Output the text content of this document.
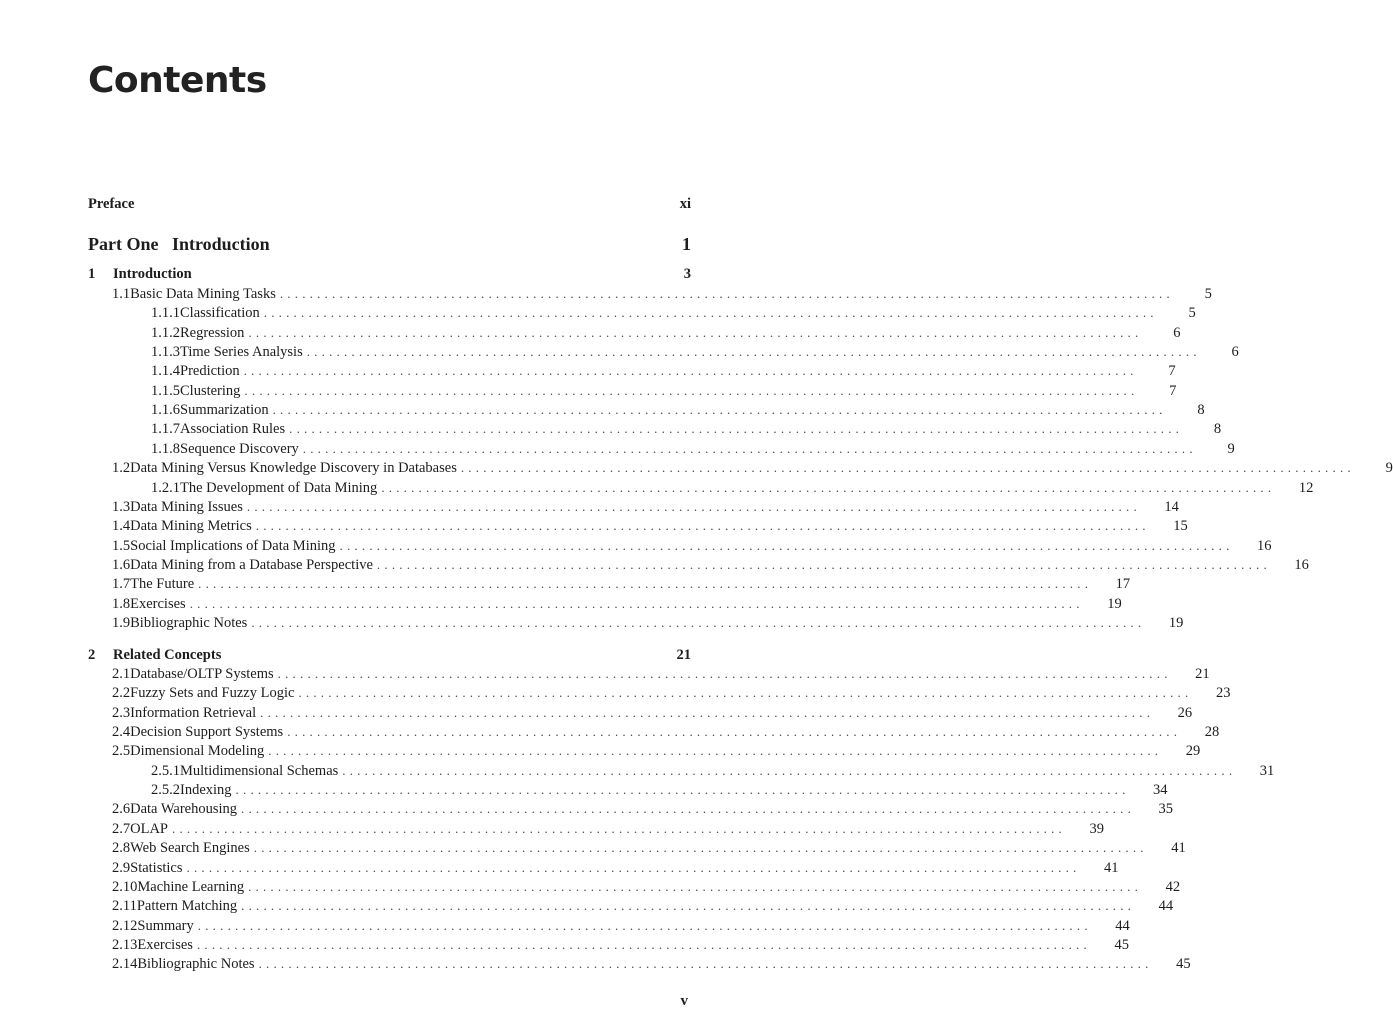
Contents
Preface	xi
Part One   Introduction	1
1	Introduction	3
1.1 Basic Data Mining Tasks ........................................................................................................................	5
1.1.1 Classification ........................................................................................................................	5
1.1.2 Regression ........................................................................................................................	6
1.1.3 Time Series Analysis ........................................................................................................................	6
1.1.4 Prediction ........................................................................................................................	7
1.1.5 Clustering ........................................................................................................................	7
1.1.6 Summarization ........................................................................................................................	8
1.1.7 Association Rules ........................................................................................................................	8
1.1.8 Sequence Discovery ........................................................................................................................	9
1.2 Data Mining Versus Knowledge Discovery in Databases ........................................................................................................................	9
1.2.1 The Development of Data Mining ........................................................................................................................	12
1.3 Data Mining Issues ........................................................................................................................	14
1.4 Data Mining Metrics ........................................................................................................................	15
1.5 Social Implications of Data Mining ........................................................................................................................	16
1.6 Data Mining from a Database Perspective ........................................................................................................................	16
1.7 The Future ........................................................................................................................	17
1.8 Exercises ........................................................................................................................	19
1.9 Bibliographic Notes ........................................................................................................................	19
2	Related Concepts	21
2.1 Database/OLTP Systems ........................................................................................................................	21
2.2 Fuzzy Sets and Fuzzy Logic ........................................................................................................................	23
2.3 Information Retrieval ........................................................................................................................	26
2.4 Decision Support Systems ........................................................................................................................	28
2.5 Dimensional Modeling ........................................................................................................................	29
2.5.1 Multidimensional Schemas ........................................................................................................................	31
2.5.2 Indexing ........................................................................................................................	34
2.6 Data Warehousing ........................................................................................................................	35
2.7 OLAP ........................................................................................................................	39
2.8 Web Search Engines ........................................................................................................................	41
2.9 Statistics ........................................................................................................................	41
2.10 Machine Learning ........................................................................................................................	42
2.11 Pattern Matching ........................................................................................................................	44
2.12 Summary ........................................................................................................................	44
2.13 Exercises ........................................................................................................................	45
2.14 Bibliographic Notes ........................................................................................................................	45
v
